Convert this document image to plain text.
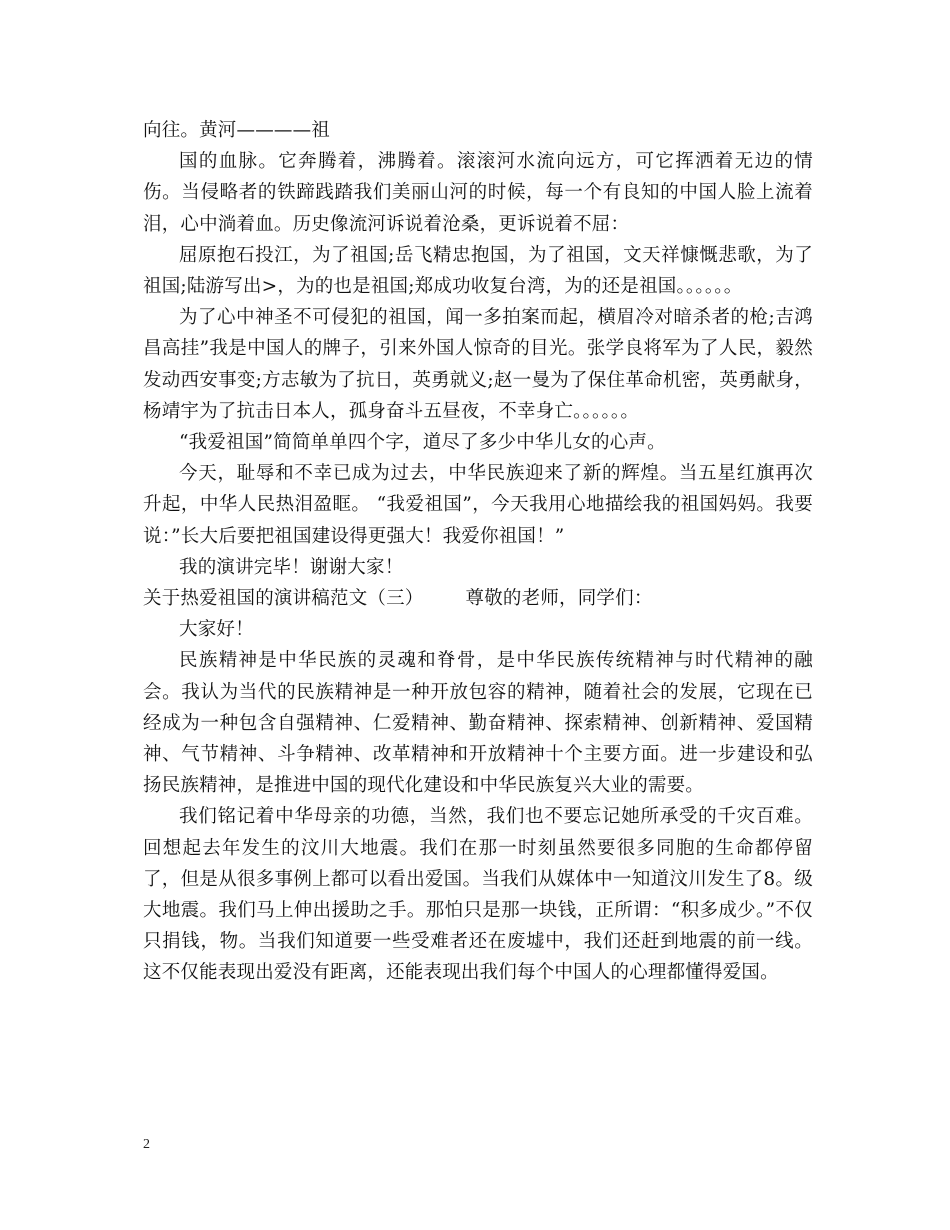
向往。黄河————祖

国的血脉。它奔腾着，沸腾着。滚滚河水流向远方，可它挥洒着无边的情伤。当侵略者的铁蹄践踏我们美丽山河的时候，每一个有良知的中国人脸上流着泪，心中淌着血。历史像流河诉说着沧桑，更诉说着不屈：

屈原抱石投江，为了祖国;岳飞精忠抱国，为了祖国，文天祥慷慨悲歌，为了祖国;陆游写出>，为的也是祖国;郑成功收复台湾，为的还是祖国。。。。。。

为了心中神圣不可侵犯的祖国，闻一多拍案而起，横眉冷对暗杀者的枪;吉鸿昌高挂”我是中国人的牌子，引来外国人惊奇的目光。张学良将军为了人民，毅然发动西安事变;方志敏为了抗日，英勇就义;赵一曼为了保住革命机密，英勇献身，杨靖宇为了抗击日本人，孤身奋斗五昼夜，不幸身亡。。。。。。

“我爱祖国”简简单单四个字，道尽了多少中华儿女的心声。

今天，耻辱和不幸已成为过去，中华民族迎来了新的辉煌。当五星红旗再次升起，中华人民热泪盈眶。 “我爱祖国”，今天我用心地描绘我的祖国妈妈。我要说：”长大后要把祖国建设得更强大！我爱你祖国！”

我的演讲完毕！谢谢大家！

关于热爱祖国的演讲稿范文（三） 尊敬的老师，同学们：

大家好！

民族精神是中华民族的灵魂和脊骨，是中华民族传统精神与时代精神的融会。我认为当代的民族精神是一种开放包容的精神，随着社会的发展，它现在已经成为一种包含自强精神、仁爱精神、勤奋精神、探索精神、创新精神、爱国精神、气节精神、斗争精神、改革精神和开放精神十个主要方面。进一步建设和弘扬民族精神，是推进中国的现代化建设和中华民族复兴大业的需要。

我们铭记着中华母亲的功德，当然，我们也不要忘记她所承受的千灾百难。回想起去年发生的汶川大地震。我们在那一时刻虽然要很多同胞的生命都停留了，但是从很多事例上都可以看出爱国。当我们从媒体中一知道汶川发生了8。级大地震。我们马上伸出援助之手。那怕只是那一块钱，正所谓：“积多成少。”不仅只捐钱，物。当我们知道要一些受难者还在废墟中，我们还赶到地震的前一线。这不仅能表现出爱没有距离，还能表现出我们每个中国人的心理都懂得爱国。

2
